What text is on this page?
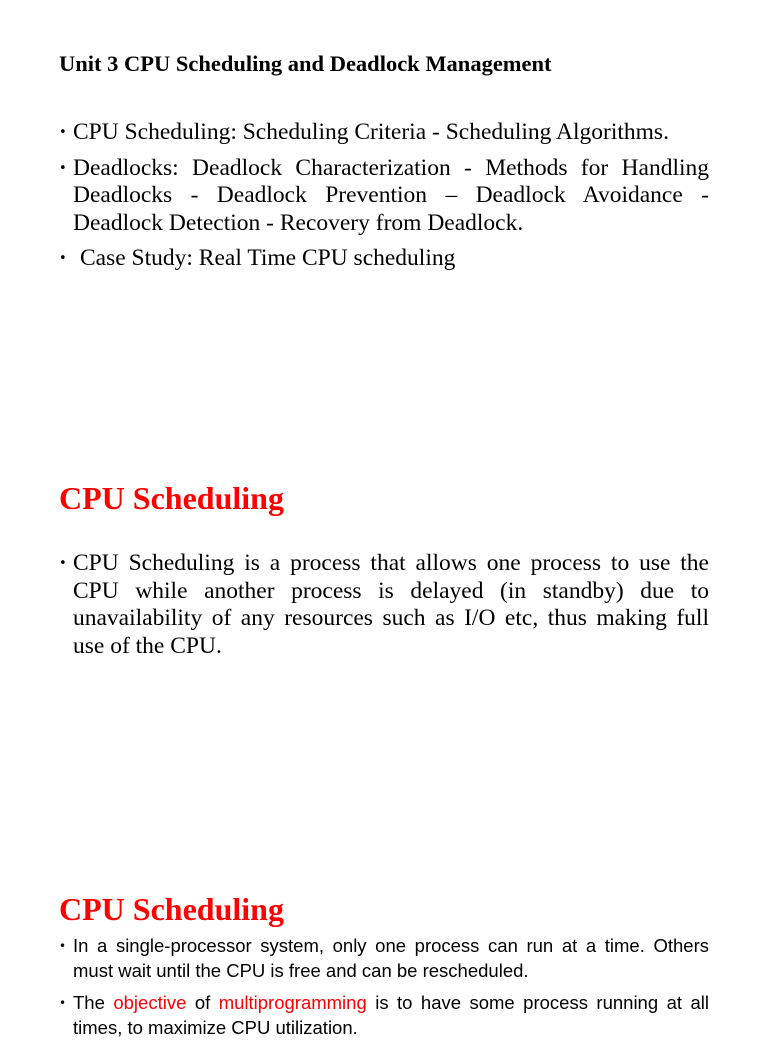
Unit 3 CPU Scheduling and Deadlock Management
• CPU Scheduling: Scheduling Criteria - Scheduling Algorithms.
• Deadlocks: Deadlock Characterization - Methods for Handling Deadlocks - Deadlock Prevention – Deadlock Avoidance - Deadlock Detection - Recovery from Deadlock.
• Case Study: Real Time CPU scheduling
CPU Scheduling
• CPU Scheduling is a process that allows one process to use the CPU while another process is delayed (in standby) due to unavailability of any resources such as I/O etc, thus making full use of the CPU.
CPU Scheduling
• In a single-processor system, only one process can run at a time. Others must wait until the CPU is free and can be rescheduled.
• The objective of multiprogramming is to have some process running at all times, to maximize CPU utilization.
